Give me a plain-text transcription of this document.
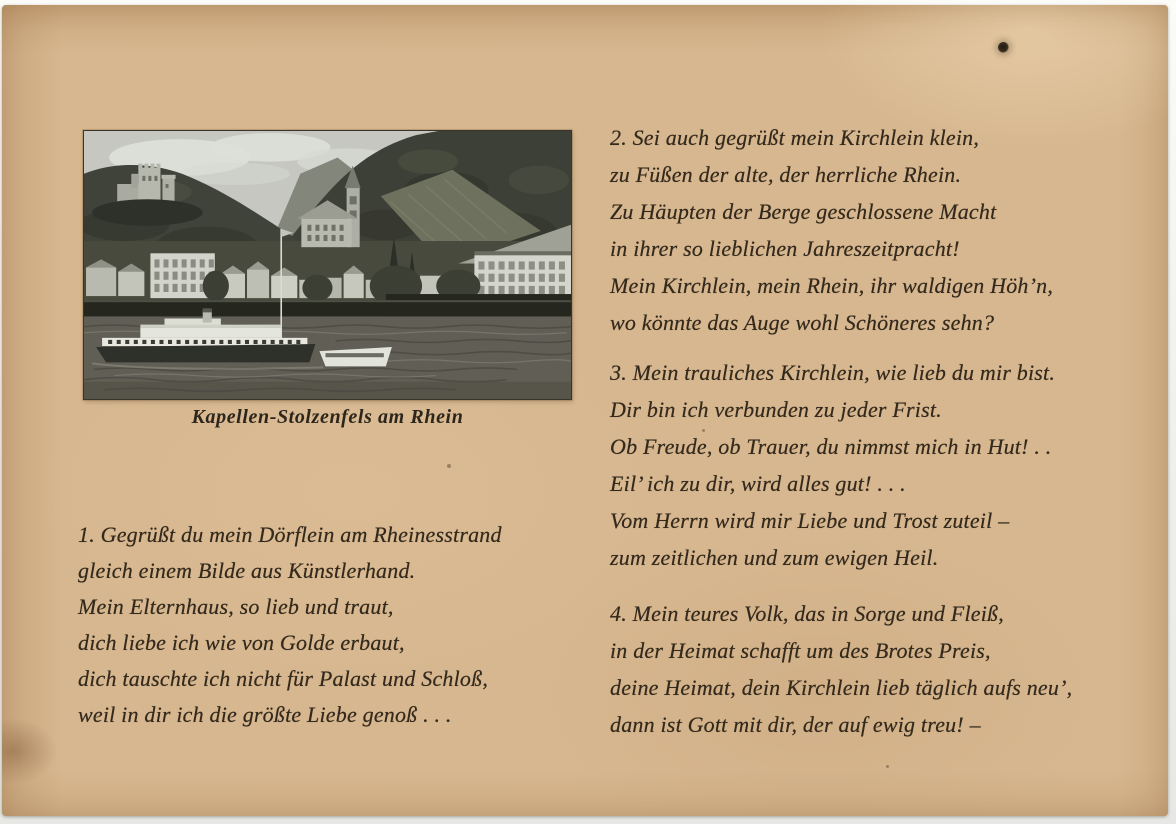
Kapellen-Stolzenfels am Rhein
1. Gegrüßt du mein Dörflein am Rheinesstrand
gleich einem Bilde aus Künstlerhand.
Mein Elternhaus, so lieb und traut,
dich liebe ich wie von Golde erbaut,
dich tauschte ich nicht für Palast und Schloß,
weil in dir ich die größte Liebe genoß . . .
2. Sei auch gegrüßt mein Kirchlein klein,
zu Füßen der alte, der herrliche Rhein.
Zu Häupten der Berge geschlossene Macht
in ihrer so lieblichen Jahreszeitpracht!
Mein Kirchlein, mein Rhein, ihr waldigen Höh’n,
wo könnte das Auge wohl Schöneres sehn?
3. Mein trauliches Kirchlein, wie lieb du mir bist.
Dir bin ich verbunden zu jeder Frist.
Ob Freude, ob Trauer, du nimmst mich in Hut! . .
Eil’ ich zu dir, wird alles gut! . . .
Vom Herrn wird mir Liebe und Trost zuteil –
zum zeitlichen und zum ewigen Heil.
4. Mein teures Volk, das in Sorge und Fleiß,
in der Heimat schafft um des Brotes Preis,
deine Heimat, dein Kirchlein lieb täglich aufs neu’,
dann ist Gott mit dir, der auf ewig treu! –
